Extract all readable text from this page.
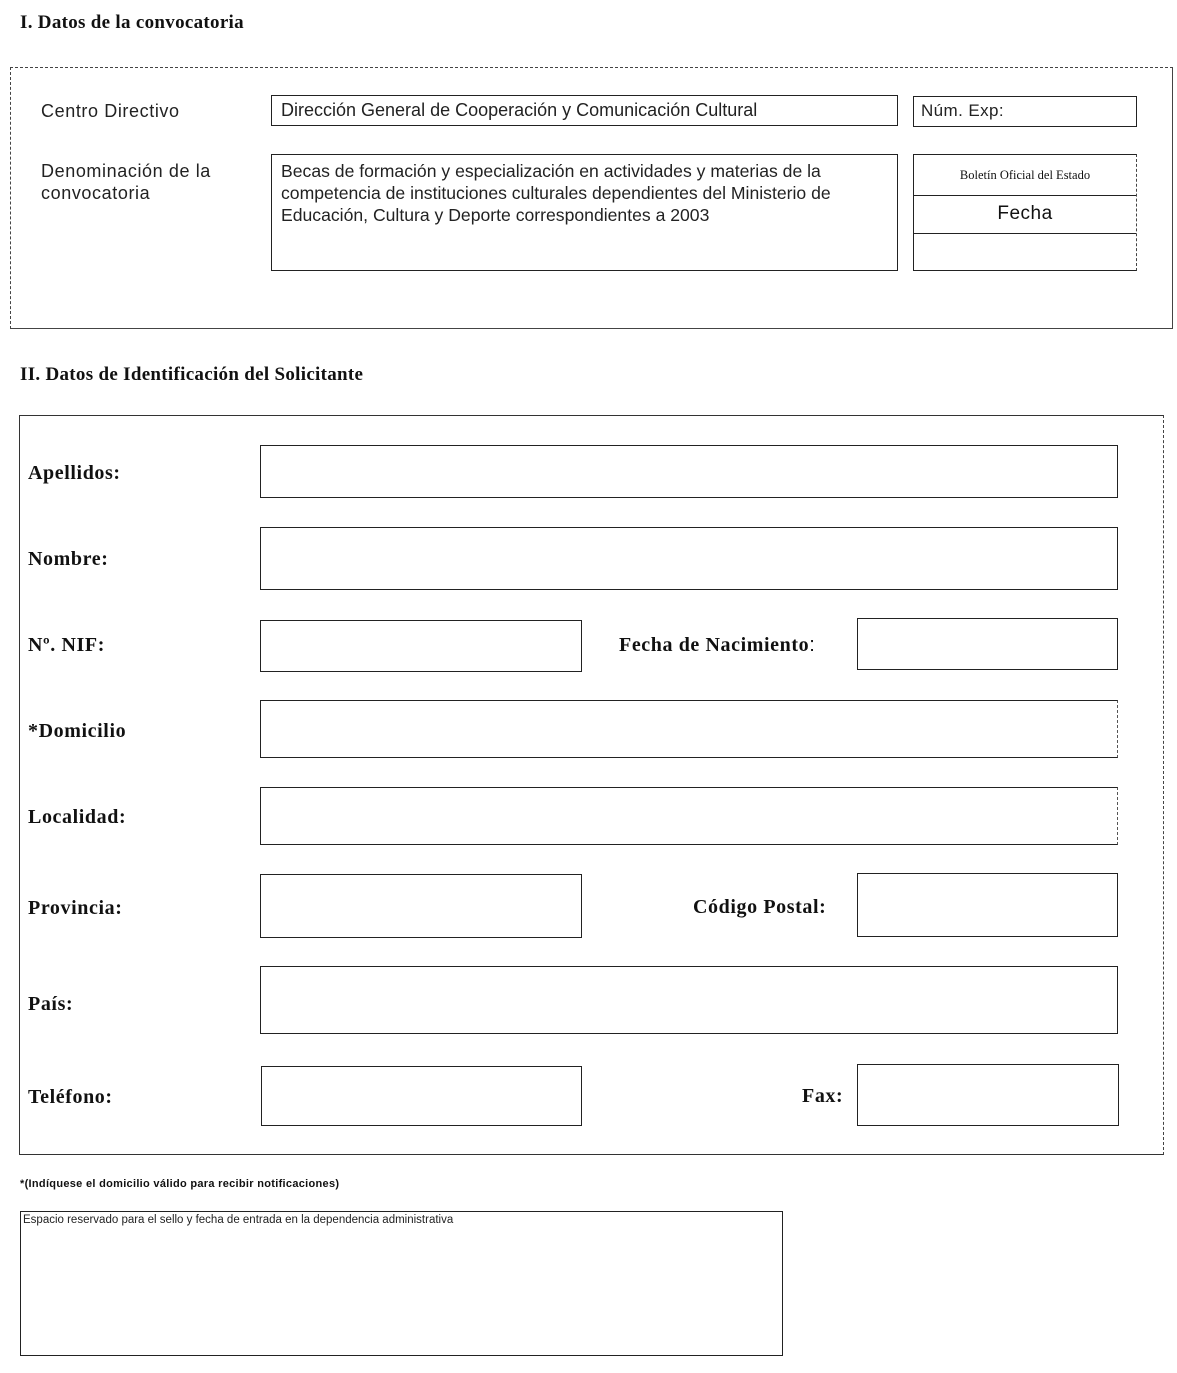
I. Datos de la convocatoria
Centro Directivo	Dirección General de Cooperación y Comunicación Cultural	Núm. Exp:
Denominación de la convocatoria
Becas de formación y especialización en actividades y materias de la competencia de instituciones culturales dependientes del Ministerio de Educación, Cultura y Deporte correspondientes a 2003
Boletín Oficial del Estado
Fecha
II. Datos de Identificación del Solicitante
Apellidos:
Nombre:
Nº. NIF:	Fecha de Nacimiento:
*Domicilio
Localidad:
Provincia:	Código Postal:
País:
Teléfono:	Fax:
*(Indíquese el domicilio válido para recibir notificaciones)
Espacio reservado para el sello y fecha de entrada en la dependencia administrativa
